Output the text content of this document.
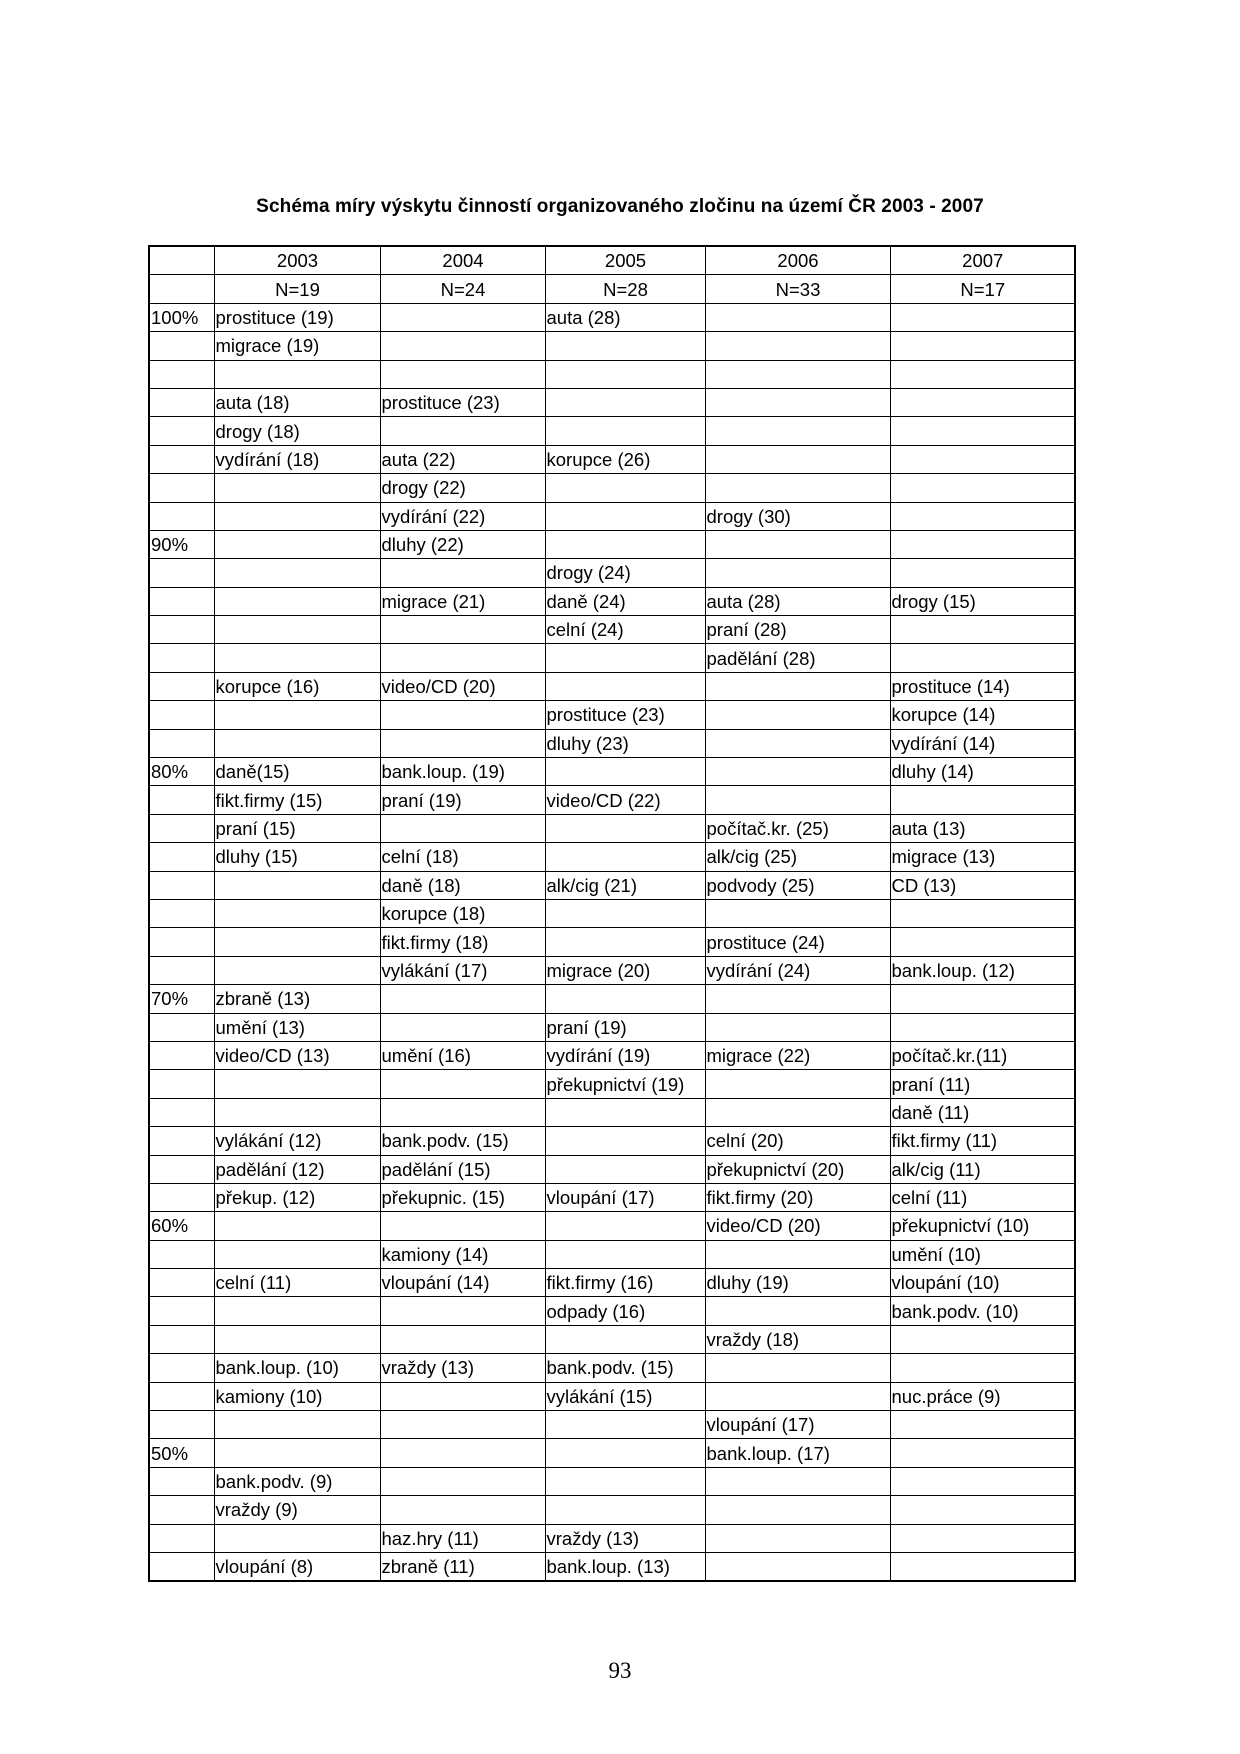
Schéma míry výskytu činností organizovaného zločinu na území ČR 2003 - 2007
	2003	2004	2005	2006	2007
	N=19	N=24	N=28	N=33	N=17
100%	prostituce (19)		auta (28)		
	migrace (19)				

	auta (18)	prostituce (23)			
	drogy (18)				
	vydírání (18)	auta (22)	korupce (26)		
		drogy (22)			
		vydírání (22)		drogy (30)	
90%		dluhy (22)			
			drogy (24)		
		migrace (21)	daně (24)	auta (28)	drogy (15)
			celní (24)	praní (28)	
				padělání (28)	
	korupce (16)	video/CD (20)			prostituce (14)
			prostituce (23)		korupce (14)
			dluhy (23)		vydírání (14)
80%	daně(15)	bank.loup. (19)			dluhy (14)
	fikt.firmy (15)	praní (19)	video/CD (22)		
	praní (15)			počítač.kr. (25)	auta (13)
	dluhy (15)	celní (18)		alk/cig (25)	migrace (13)
		daně (18)	alk/cig (21)	podvody (25)	CD (13)
		korupce (18)			
		fikt.firmy (18)		prostituce (24)	
		vylákání (17)	migrace (20)	vydírání (24)	bank.loup. (12)
70%	zbraně (13)				
	umění (13)		praní (19)		
	video/CD (13)	umění (16)	vydírání (19)	migrace (22)	počítač.kr.(11)
			překupnictví (19)		praní (11)
					daně (11)
	vylákání (12)	bank.podv. (15)		celní (20)	fikt.firmy (11)
	padělání (12)	padělání (15)		překupnictví (20)	alk/cig (11)
	překup. (12)	překupnic. (15)	vloupání (17)	fikt.firmy (20)	celní (11)
60%				video/CD (20)	překupnictví (10)
		kamiony (14)			umění (10)
	celní (11)	vloupání (14)	fikt.firmy (16)	dluhy (19)	vloupání (10)
			odpady (16)		bank.podv. (10)
				vraždy (18)	
	bank.loup. (10)	vraždy (13)	bank.podv. (15)		
	kamiony (10)		vylákání (15)		nuc.práce (9)
				vloupání (17)	
50%				bank.loup. (17)	
	bank.podv. (9)				
	vraždy (9)				
		haz.hry (11)	vraždy (13)		
	vloupání (8)	zbraně (11)	bank.loup. (13)		
93
